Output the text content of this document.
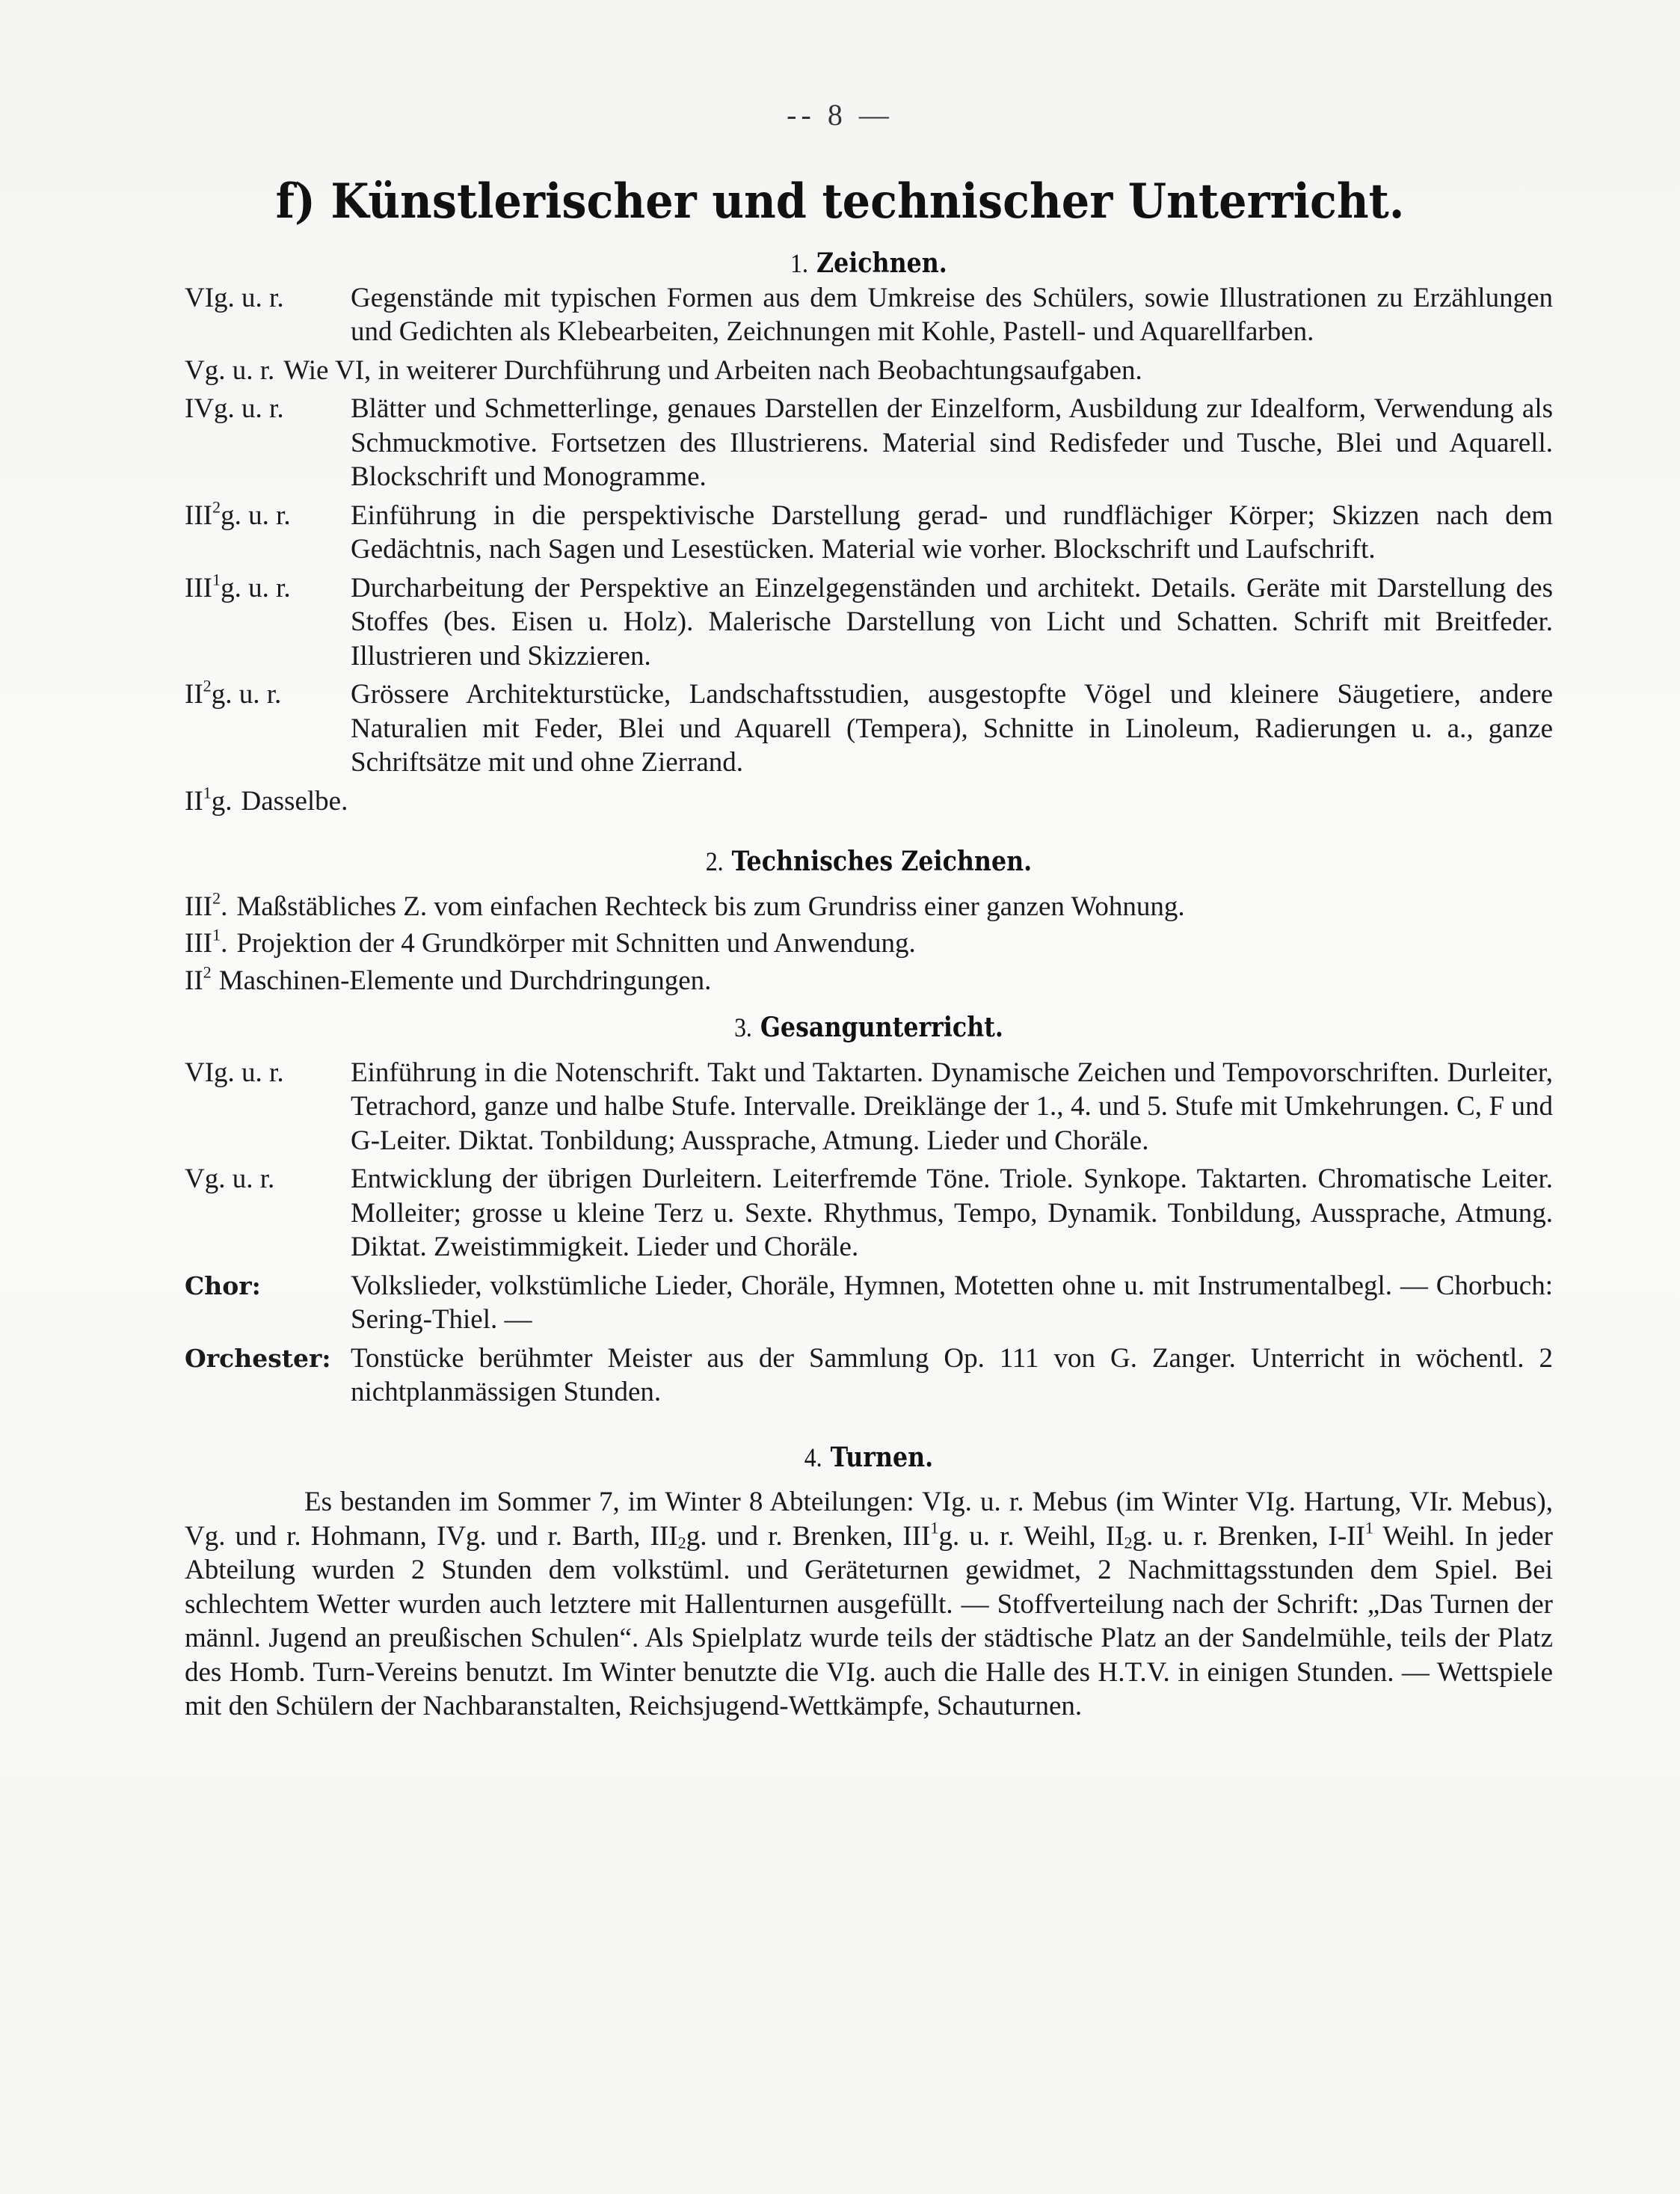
-- 8 —
f) Künstlerischer und technischer Unterricht.
1. Zeichnen.
VIg. u. r. Gegenstände mit typischen Formen aus dem Umkreise des Schülers, sowie Illustrationen zu Erzählungen und Gedichten als Klebearbeiten, Zeichnungen mit Kohle, Pastell- und Aquarellfarben.
Vg. u. r. Wie VI, in weiterer Durchführung und Arbeiten nach Beobachtungsaufgaben.
IVg. u. r. Blätter und Schmetterlinge, genaues Darstellen der Einzelform, Ausbildung zur Idealform, Verwendung als Schmuckmotive. Fortsetzen des Illustrierens. Material sind Redisfeder und Tusche, Blei und Aquarell. Blockschrift und Monogramme.
III$^2$g. u. r. Einführung in die perspektivische Darstellung gerad- und rundflächiger Körper; Skizzen nach dem Gedächtnis, nach Sagen und Lesestücken. Material wie vorher. Blockschrift und Laufschrift.
III$^1$g. u. r. Durcharbeitung der Perspektive an Einzelgegenständen und architekt. Details. Geräte mit Darstellung des Stoffes (bes. Eisen u. Holz). Malerische Darstellung von Licht und Schatten. Schrift mit Breitfeder. Illustrieren und Skizzieren.
$II^2g$. u. r.	Grössere Architekturstücke, Landschaftsstudien, ausgestopfte Vögel und kleinere Säugetiere, andere Naturalien mit Feder, Blei und Aquarell (Tempera), Schnitte in Linoleum, Radierungen u. a., ganze Schriftsätze mit und ohne Zierrand.
$II^1g$. Dasselbe.
2. Technisches Zeichnen.
III$^2$. Maßstäbliches Z. vom einfachen Rechteck bis zum Grundriss einer ganzen Wohnung.
III$^1$. Projektion der 4 Grundkörper mit Schnitten und Anwendung.
$II^2$ Maschinen-Elemente und Durchdringungen.
3. Gesangunterricht.
VIg. u. r. Einführung in die Notenschrift. Takt und Taktarten. Dynamische Zeichen und Tempovorschriften. Durleiter, Tetrachord, ganze und halbe Stufe. Intervalle. Dreiklänge der 1., 4. und 5. Stufe mit Umkehrungen. C, F und G-Leiter. Diktat. Tonbildung; Aussprache, Atmung. Lieder und Choräle.
Vg. u. r.	Entwicklung der übrigen Durleitern. Leiterfremde Töne. Triole. Synkope. Taktarten. Chromatische Leiter. Molleiter; grosse u kleine Terz u. Sexte. Rhythmus, Tempo, Dynamik. Tonbildung, Aussprache, Atmung. Diktat. Zweistimmigkeit. Lieder und Choräle.
Chor:	Volkslieder, volkstümliche Lieder, Choräle, Hymnen, Motetten ohne u. mit Instrumentalbegl. — Chorbuch: Sering-Thiel. —
Orchester: Tonstücke berühmter Meister aus der Sammlung Op. 111 von G. Zanger. Unterricht in wöchentl. 2 nichtplanmässigen Stunden.
4. Turnen.

Es bestanden im Sommer 7, im Winter 8 Abteilungen: VIg. u. r. Mebus (im Winter VIg. Hartung, VIr. Mebus), Vg. und r. Hohmann, IVg. und r. Barth, $III_2g$. und r. Brenken, III$^1$g. u. r. Weihl, $II_2g$. u. r. Brenken, $I-II^1$ Weihl. In jeder Abteilung wurden 2 Stunden dem volkstüml. und Geräteturnen gewidmet, 2 Nachmittagsstunden dem Spiel. Bei schlechtem Wetter wurden auch letztere mit Hallenturnen ausgefüllt. — Stoffverteilung nach der Schrift: „Das Turnen der männl. Jugend an preußischen Schulen“. Als Spielplatz wurde teils der städtische Platz an der Sandelmühle, teils der Platz des Homb. Turn-Vereins benutzt. Im Winter benutzte die VIg. auch die Halle des H.T.V. in einigen Stunden. — Wettspiele mit den Schülern der Nachbaranstalten, Reichsjugend-Wettkämpfe, Schauturnen.
